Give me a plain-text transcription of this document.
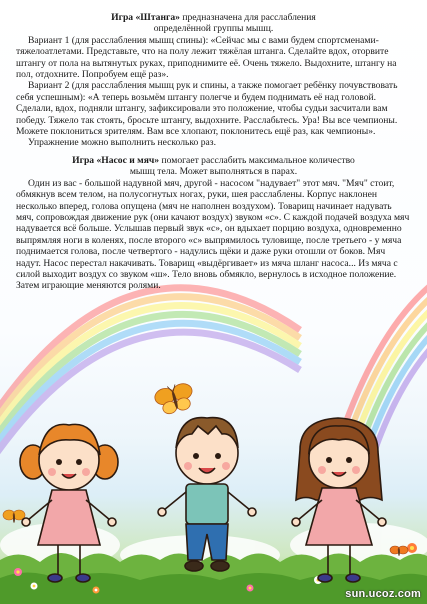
Игра «Штанга» предназначена для расслабления

определённой группы мышц.

Вариант 1 (для расслабления мышц спины): «Сейчас мы с вами будем спортсменами-тяжелоатлетами. Представьте, что на полу лежит тяжёлая штанга. Сделайте вдох, оторвите штангу от пола на вытянутых руках, приподнимите её. Очень тяжело. Выдохните, штангу на пол, отдохните. Попробуем ещё раз».

Вариант 2 (для расслабления мышц рук и спины, а также помогает ребёнку почувствовать себя успешным): «А теперь возьмём штангу полегче и будем поднимать её над головой. Сделали, вдох, подняли штангу, зафиксировали это положение, чтобы судьи засчитали вам победу. Тяжело так стоять, бросьте штангу, выдохните. Расслабьтесь. Ура! Вы все чемпионы. Можете поклониться зрителям. Вам все хлопают, поклонитесь ещё раз, как чемпионы».

Упражнение можно выполнить несколько раз.

Игра «Насос и мяч» помогает расслабить максимальное количество

мышц тела. Может выполняться в парах.

Один из вас - большой надувной мяч, другой - насосом "надувает" этот мяч. "Мяч" стоит, обмякнув всем телом, на полусогнутых ногах, руки, шея расслаблены. Корпус наклонен несколько вперед, голова опущена (мяч не наполнен воздухом). Товарищ начинает надувать мяч, сопровождая движение рук (они качают воздух) звуком «с». С каждой подачей воздуха мяч надувается всё больше. Услышав первый звук «с», он вдыхает порцию воздуха, одновременно выпрямляя ноги в коленях, после второго «с» выпрямилось туловище, после третьего - у мяча поднимается голова, после четвертого - надулись щёки и даже руки отошли от боков. Мяч надут. Насос перестал накачивать. Товарищ «выдёргивает» из мяча шланг насоса... Из мяча с силой выходит воздух со звуком «ш». Тело вновь обмякло, вернулось в исходное положение. Затем играющие меняются ролями.

sun.ucoz.com
